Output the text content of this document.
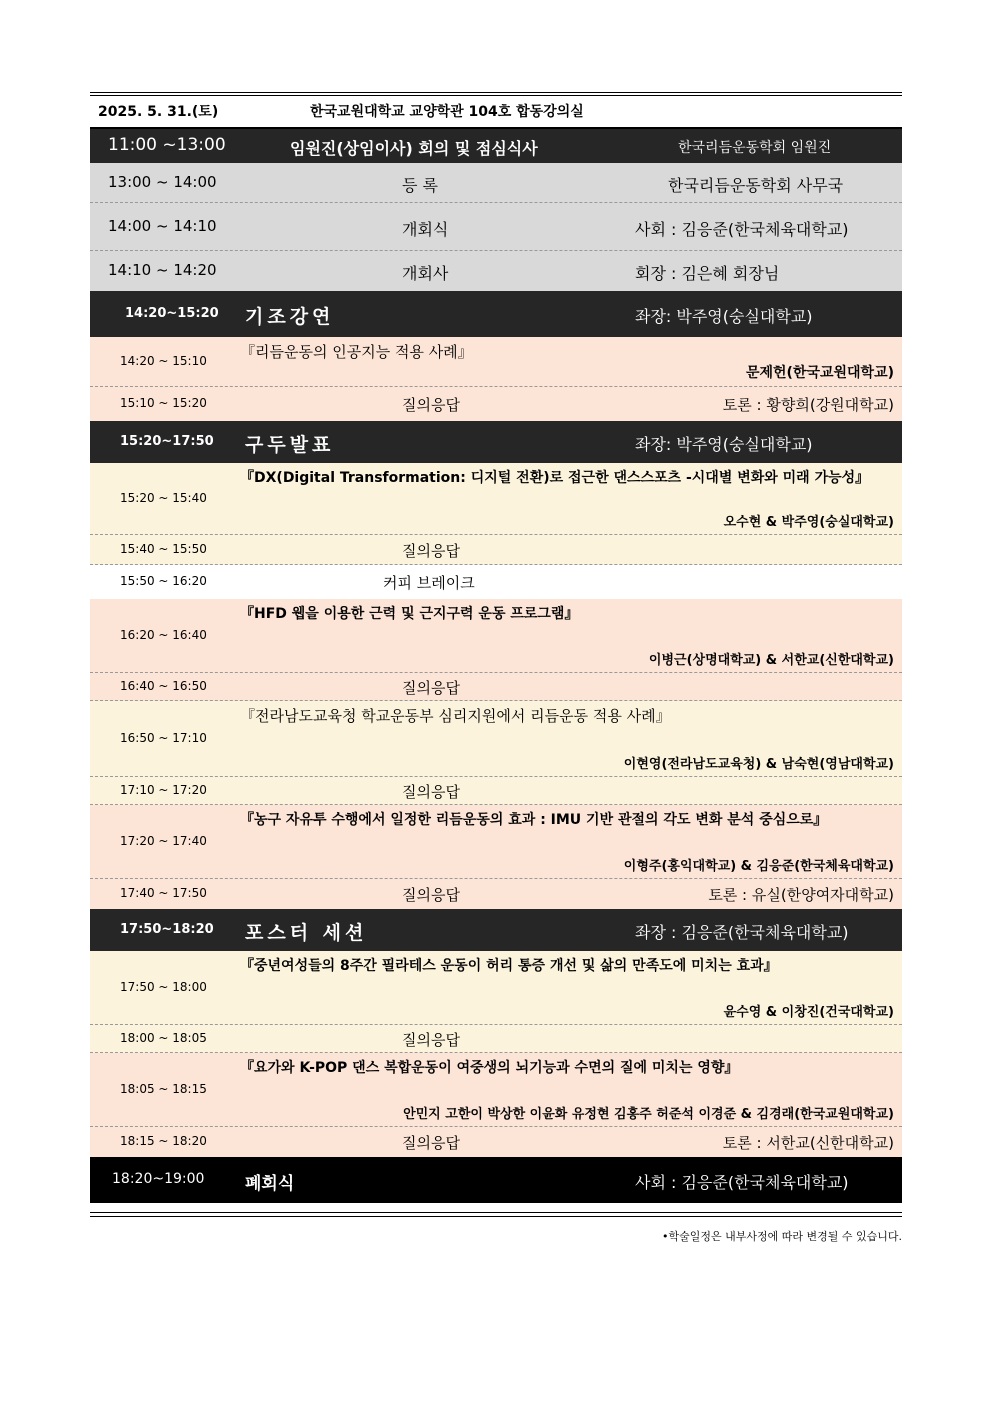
2025. 5. 31.(토)	한국교원대학교 교양학관 104호 합동강의실
11:00 ~13:00	임원진(상임이사) 회의 및 점심식사	한국리듬운동학회 임원진
13:00 ~ 14:00	등 록	한국리듬운동학회 사무국
14:00 ~ 14:10	개회식	사회 : 김응준(한국체육대학교)
14:10 ~ 14:20	개회사	회장 : 김은혜 회장님
14:20~15:20 기조강연	좌장: 박주영(숭실대학교)
14:20 ~ 15:10 『리듬운동의 인공지능 적용 사례』
문제헌(한국교원대학교)
15:10 ~ 15:20	질의응답	토론 : 황향희(강원대학교)
15:20~17:50 구두발표	좌장: 박주영(숭실대학교)
15:20 ~ 15:40
『DX(Digital Transformation: 디지털 전환)로 접근한 댄스스포츠 -시대별 변화와 미래 가능성』
오수현 & 박주영(숭실대학교)
15:40 ~ 15:50	질의응답
15:50 ~ 16:20	커피 브레이크
16:20 ~ 16:40
『HFD 웹을 이용한 근력 및 근지구력 운동 프로그램』
이병근(상명대학교) & 서한교(신한대학교)
16:40 ~ 16:50	질의응답
16:50 ~ 17:10
『전라남도교육청 학교운동부 심리지원에서 리듬운동 적용 사례』
이현영(전라남도교육청) & 남숙현(영남대학교)
17:10 ~ 17:20	질의응답
17:20 ~ 17:40
『농구 자유투 수행에서 일정한 리듬운동의 효과 : IMU 기반 관절의 각도 변화 분석 중심으로』
이형주(홍익대학교) & 김응준(한국체육대학교)
17:40 ~ 17:50	질의응답	토론 : 유실(한양여자대학교)
17:50~18:20 포스터 세션	좌장 : 김응준(한국체육대학교)
17:50 ~ 18:00
『중년여성들의 8주간 필라테스 운동이 허리 통증 개선 및 삶의 만족도에 미치는 효과』
윤수영 & 이창진(건국대학교)
18:00 ~ 18:05	질의응답
18:05 ~ 18:15
『요가와 K-POP 댄스 복합운동이 여중생의 뇌기능과 수면의 질에 미치는 영향』
안민지 고한이 박상한 이윤화 유정현 김홍주 허준석 이경준 & 김경래(한국교원대학교)
18:15 ~ 18:20	질의응답	토론 : 서한교(신한대학교)
18:20~19:00 폐회식	사회 : 김응준(한국체육대학교)
•학술일정은 내부사정에 따라 변경될 수 있습니다.
